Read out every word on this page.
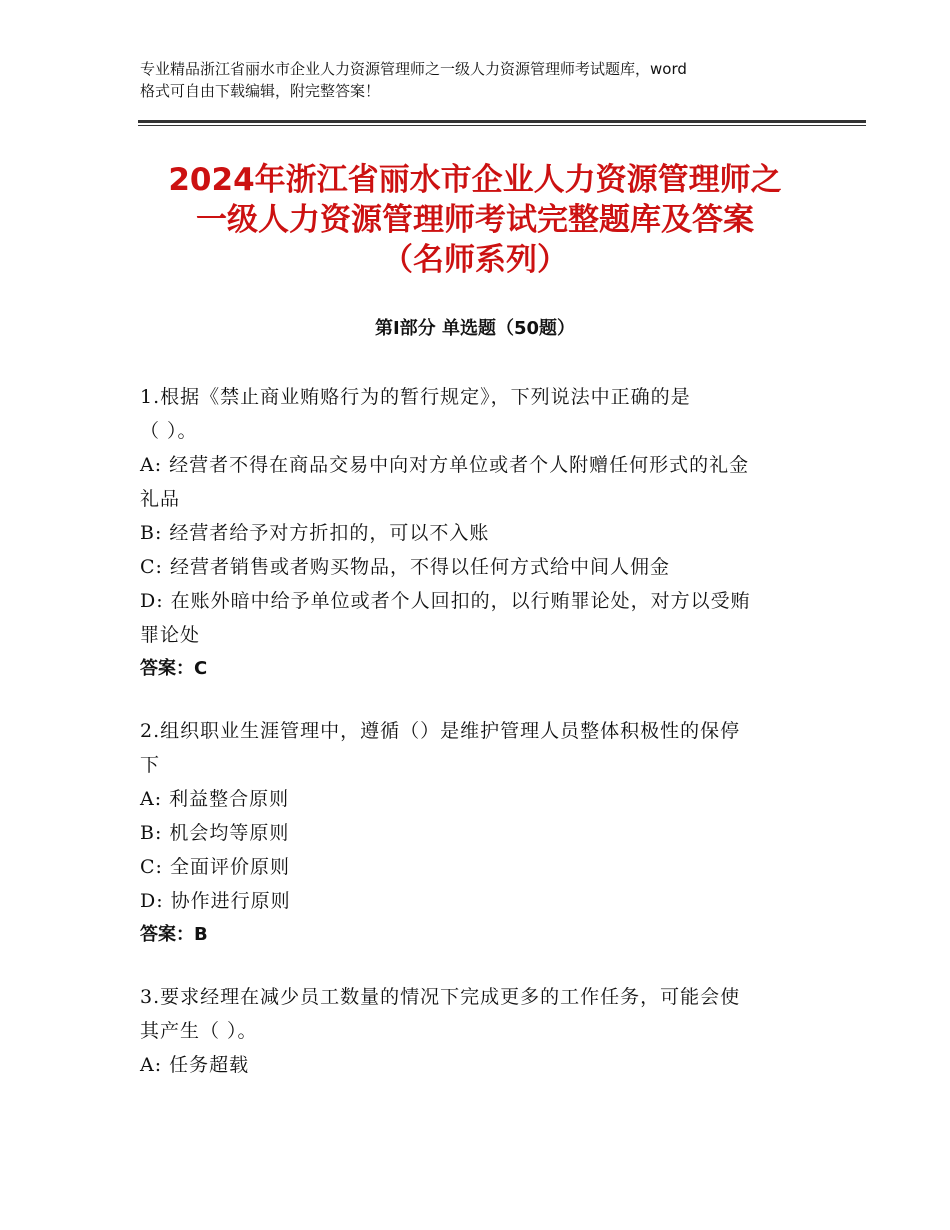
专业精品浙江省丽水市企业人力资源管理师之一级人力资源管理师考试题库，word
格式可自由下载编辑，附完整答案！
2024年浙江省丽水市企业人力资源管理师之
一级人力资源管理师考试完整题库及答案
（名师系列）
第Ⅰ部分 单选题（50题）

1.根据《禁止商业贿赂行为的暂行规定》，下列说法中正确的是

（ ）。

A: 经营者不得在商品交易中向对方单位或者个人附赠任何形式的礼金

礼品

B: 经营者给予对方折扣的，可以不入账

C: 经营者销售或者购买物品，不得以任何方式给中间人佣金

D: 在账外暗中给予单位或者个人回扣的，以行贿罪论处，对方以受贿

罪论处

答案：C

2.组织职业生涯管理中，遵循（）是维护管理人员整体积极性的保停

下

A: 利益整合原则

B: 机会均等原则

C: 全面评价原则

D: 协作进行原则

答案：B

3.要求经理在减少员工数量的情况下完成更多的工作任务，可能会使

其产生（ ）。

A: 任务超载
